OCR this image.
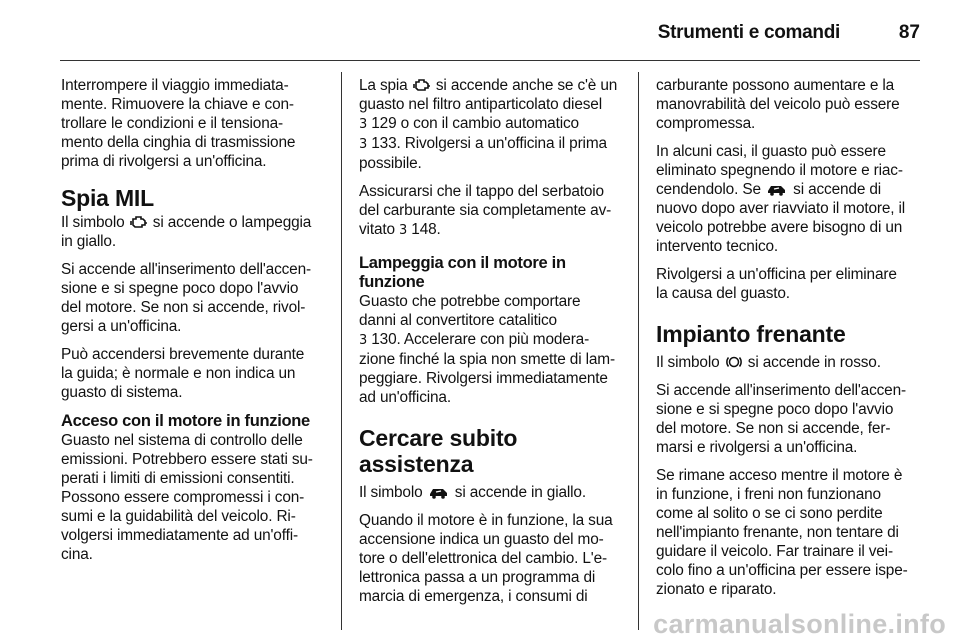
Strumenti e comandi	87

Interrompere il viaggio immediata-
mente. Rimuovere la chiave e con-
trollare le condizioni e il tensiona-
mento della cinghia di trasmissione
prima di rivolgersi a un'officina.

Spia MIL

Il simbolo si accende o lampeggia
in giallo.

Si accende all'inserimento dell'accen-
sione e si spegne poco dopo l'avvio
del motore. Se non si accende, rivol-
gersi a un'officina.

Può accendersi brevemente durante
la guida; è normale e non indica un
guasto di sistema.

Acceso con il motore in funzione

Guasto nel sistema di controllo delle
emissioni. Potrebbero essere stati su-
perati i limiti di emissioni consentiti.
Possono essere compromessi i con-
sumi e la guidabilità del veicolo. Ri-
volgersi immediatamente ad un'offi-
cina.

La spia si accende anche se c'è un
guasto nel filtro antiparticolato diesel
3 129 o con il cambio automatico
3 133. Rivolgersi a un'officina il prima
possibile.

Assicurarsi che il tappo del serbatoio
del carburante sia completamente av-
vitato 3 148.

Lampeggia con il motore in
funzione

Guasto che potrebbe comportare
danni al convertitore catalitico
3 130. Accelerare con più modera-
zione finché la spia non smette di lam-
peggiare. Rivolgersi immediatamente
ad un'officina.

Cercare subito assistenza

Il simbolo si accende in giallo.

Quando il motore è in funzione, la sua
accensione indica un guasto del mo-
tore o dell'elettronica del cambio. L'e-
lettronica passa a un programma di
marcia di emergenza, i consumi di

carburante possono aumentare e la
manovrabilità del veicolo può essere
compromessa.

In alcuni casi, il guasto può essere
eliminato spegnendo il motore e riac-
cendendolo. Se si accende di
nuovo dopo aver riavviato il motore, il
veicolo potrebbe avere bisogno di un
intervento tecnico.

Rivolgersi a un'officina per eliminare
la causa del guasto.

Impianto frenante

Il simbolo si accende in rosso.

Si accende all'inserimento dell'accen-
sione e si spegne poco dopo l'avvio
del motore. Se non si accende, fer-
marsi e rivolgersi a un'officina.

Se rimane acceso mentre il motore è
in funzione, i freni non funzionano
come al solito o se ci sono perdite
nell'impianto frenante, non tentare di
guidare il veicolo. Far trainare il vei-
colo fino a un'officina per essere ispe-
zionato e riparato.

carmanualsonline.info
